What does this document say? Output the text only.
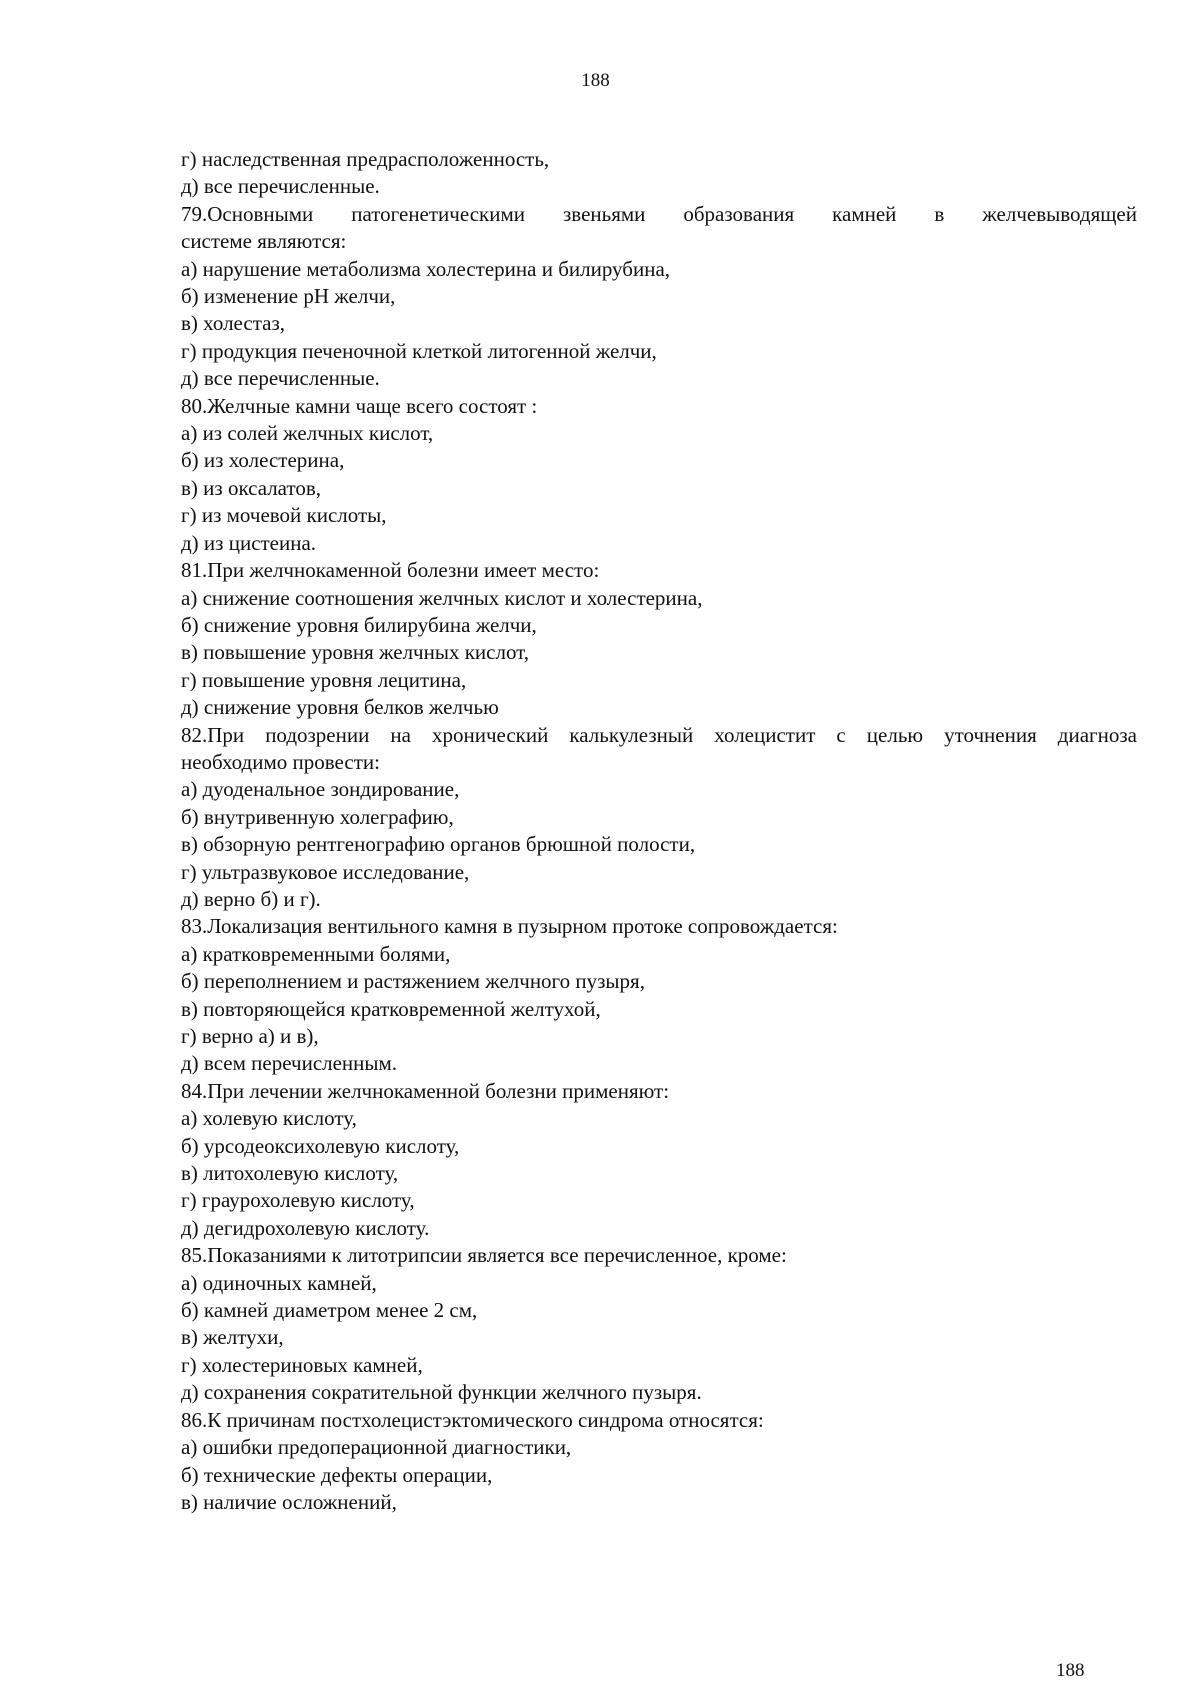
188

г) наследственная предрасположенность,

д) все перечисленные.

79.Основными патогенетическими звеньями образования камней в желчевыводящей

системе являются:

а) нарушение метаболизма холестерина и билирубина,

б) изменение pH желчи,

в) холестаз,

г) продукция печеночной клеткой литогенной желчи,

д) все перечисленные.

80.Желчные камни чаще всего состоят :

а) из солей желчных кислот,

б) из холестерина,

в) из оксалатов,

г) из мочевой кислоты,

д) из цистеина.

81.При желчнокаменной болезни имеет место:

а) снижение соотношения желчных кислот и холестерина,

б) снижение уровня билирубина желчи,

в) повышение уровня желчных кислот,

г) повышение уровня лецитина,

д) снижение уровня белков желчью

82.При подозрении на хронический калькулезный холецистит с целью уточнения диагноза

необходимо провести:

а) дуоденальное зондирование,

б) внутривенную холеграфию,

в) обзорную рентгенографию органов брюшной полости,

г) ультразвуковое исследование,

д) верно б) и г).

83.Локализация вентильного камня в пузырном протоке сопровождается:

а) кратковременными болями,

б) переполнением и растяжением желчного пузыря,

в) повторяющейся кратковременной желтухой,

г) верно а) и в),

д) всем перечисленным.

84.При лечении желчнокаменной болезни применяют:

а) холевую кислоту,

б) урсодеоксихолевую кислоту,

в) литохолевую кислоту,

г) граурохолевую кислоту,

д) дегидрохолевую кислоту.

85.Показаниями к литотрипсии является все перечисленное, кроме:

а) одиночных камней,

б) камней диаметром менее 2 см,

в) желтухи,

г) холестериновых камней,

д) сохранения сократительной функции желчного пузыря.

86.К причинам постхолецистэктомического синдрома относятся:

а) ошибки предоперационной диагностики,

б) технические дефекты операции,

в) наличие осложнений,

188
